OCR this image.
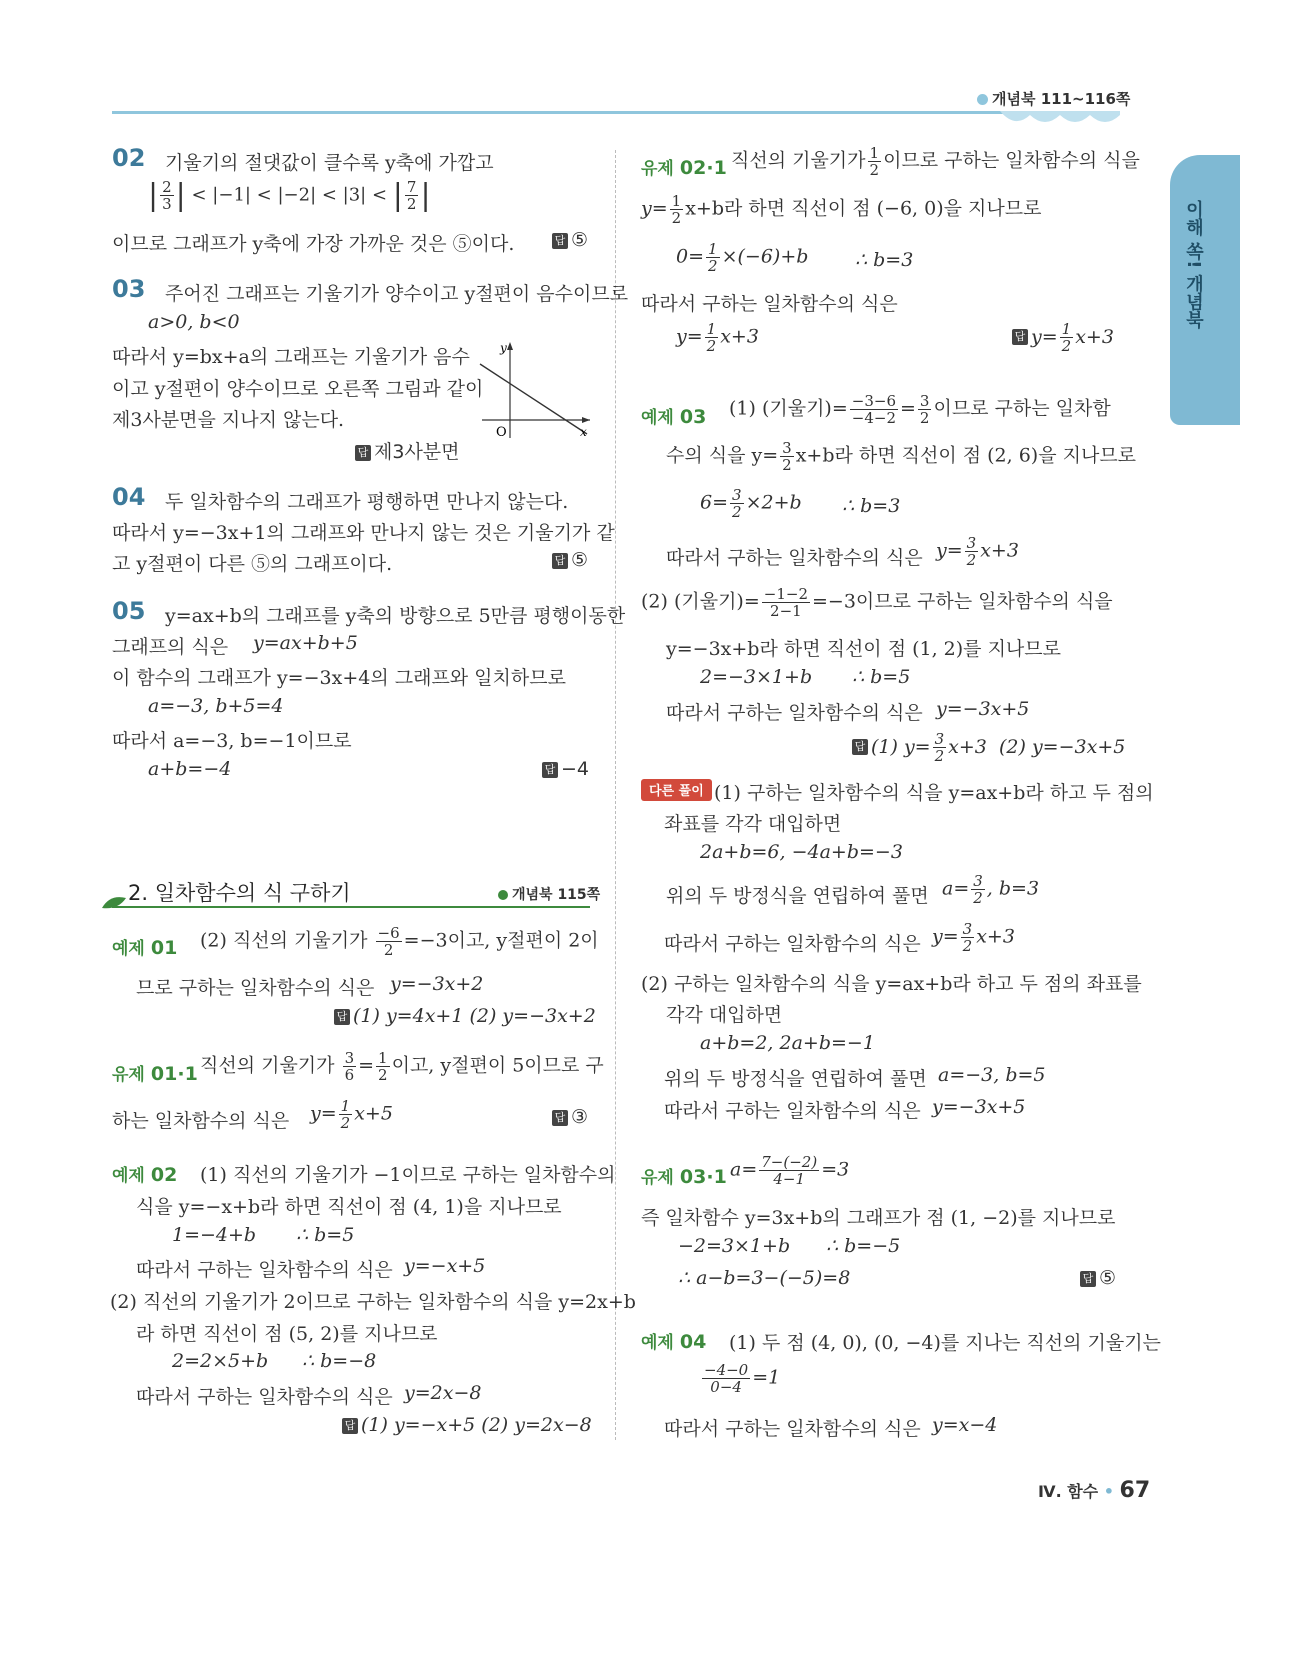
개념북 111~116쪽
이해 쏙! 개념북
02 기울기의 절댓값이 클수록 y축에 가깝고
| $\frac{2}{3}$ | < |−1| < |−2| < |3| < | $\frac{7}{2}$ |
이므로 그래프가 y축에 가장 가까운 것은 ⑤이다.	답 ⑤
03 주어진 그래프는 기울기가 양수이고 y절편이 음수이므로
a>0, b<0
따라서 y=bx+a의 그래프는 기울기가 음수
이고 y절편이 양수이므로 오른쪽 그림과 같이
제3사분면을 지나지 않는다.
답 제3사분면
y
x
O
04 두 일차함수의 그래프가 평행하면 만나지 않는다.
따라서 y=−3x+1의 그래프와 만나지 않는 것은 기울기가 같
고 y절편이 다른 ⑤의 그래프이다.	답 ⑤
05 y=ax+b의 그래프를 y축의 방향으로 5만큼 평행이동한
그래프의 식은 y=ax+b+5
이 함수의 그래프가 y=−3x+4의 그래프와 일치하므로
a=−3, b+5=4
따라서 a=−3, b=−1이므로
a+b=−4	답 −4
2. 일차함수의 식 구하기	개념북 115쪽
예제 01 (2) 직선의 기울기가 $\frac{-6}{2} =-3$이고, y절편이 2이
므로 구하는 일차함수의 식은 y=−3x+2
답 (1) y=4x+1 (2) y=−3x+2
유제 01·1 직선의 기울기가 $\frac{3}{6} = \frac{1}{2}$ 이고, y절편이 5이므로 구
하는 일차함수의 식은 $y= \frac{1}{2} x+5$	답 ③
예제 02 (1) 직선의 기울기가 −1이므로 구하는 일차함수의
식을 y=−x+b라 하면 직선이 점 (4, 1)을 지나므로
1=−4+b ∴ b=5
따라서 구하는 일차함수의 식은 y=−x+5
(2) 직선의 기울기가 2이므로 구하는 일차함수의 식을 y=2x+b
라 하면 직선이 점 (5, 2)를 지나므로
2=2×5+b ∴ b=−8
따라서 구하는 일차함수의 식은 y=2x−8
답 (1) y=−x+5 (2) y=2x−8
유제 02·1 직선의 기울기가 $\frac{1}{2}$ 이므로 구하는 일차함수의 식을
$y= \frac{1}{2} x+b$라 하면 직선이 점 (−6, 0)을 지나므로
$0= \frac{1}{2} \times(-6)+b$ ∴ b=3
따라서 구하는 일차함수의 식은
$y= \frac{1}{2} x+3$	답 $y= \frac{1}{2} x+3$
예제 03 (1) (기울기)= $\frac{-3-6}{-4-2} = \frac{3}{2}$ 이므로 구하는 일차함
수의 식을 $y= \frac{3}{2} x+b$라 하면 직선이 점 (2, 6)을 지나므로
$6= \frac{3}{2} \times 2+b$ ∴ b=3
따라서 구하는 일차함수의 식은 $y= \frac{3}{2} x+3$
(2) (기울기)= $\frac{-1-2}{2-1} =-3$이므로 구하는 일차함수의 식을
y=−3x+b라 하면 직선이 점 (1, 2)를 지나므로
2=−3×1+b ∴ b=5
따라서 구하는 일차함수의 식은 y=−3x+5
답 (1) $y= \frac{3}{2} x+3$ (2) y=−3x+5
다른 풀이 (1) 구하는 일차함수의 식을 y=ax+b라 하고 두 점의
좌표를 각각 대입하면
2a+b=6, −4a+b=−3
위의 두 방정식을 연립하여 풀면 $a= \frac{3}{2}$ , b=3
따라서 구하는 일차함수의 식은 $y= \frac{3}{2} x+3$
(2) 구하는 일차함수의 식을 y=ax+b라 하고 두 점의 좌표를
각각 대입하면
a+b=2, 2a+b=−1
위의 두 방정식을 연립하여 풀면 a=−3, b=5
따라서 구하는 일차함수의 식은 y=−3x+5
유제 03·1 $a= \frac{7-(-2)}{4-1} =3$
즉 일차함수 y=3x+b의 그래프가 점 (1, −2)를 지나므로
−2=3×1+b ∴ b=−5
∴ a−b=3−(−5)=8	답 ⑤
예제 04 (1) 두 점 (4, 0), (0, −4)를 지나는 직선의 기울기는
$\frac{-4-0}{0-4} =1$
따라서 구하는 일차함수의 식은 y=x−4
Ⅳ. 함수 • 67
